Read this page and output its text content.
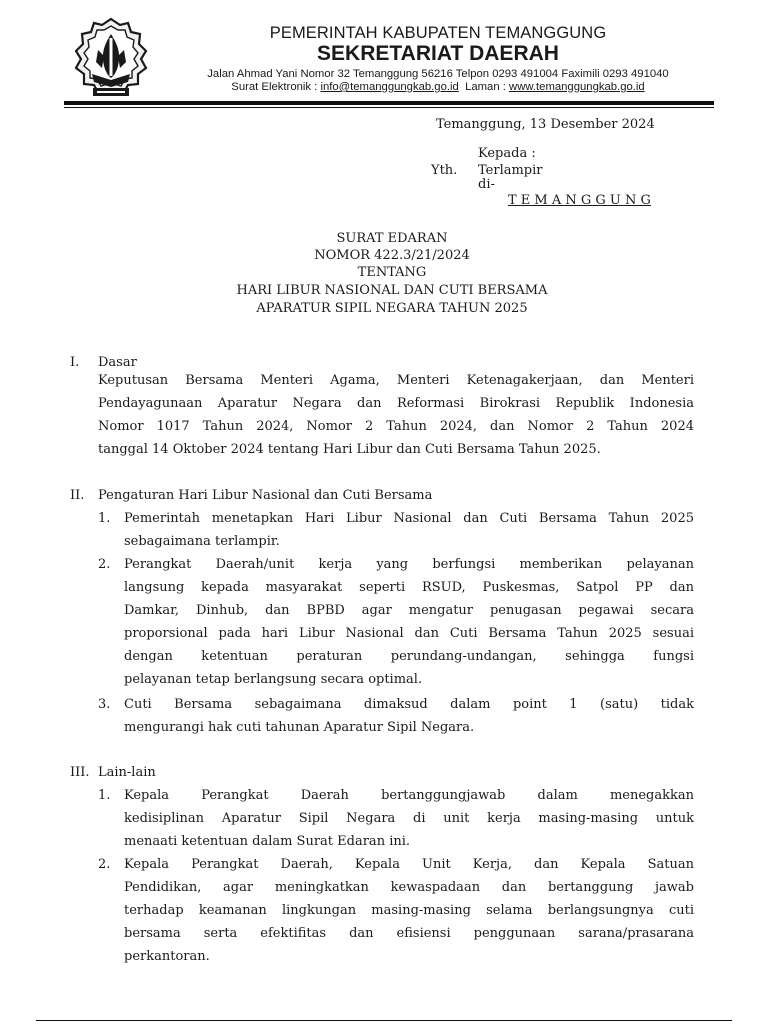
PEMERINTAH KABUPATEN TEMANGGUNG
SEKRETARIAT DAERAH
Jalan Ahmad Yani Nomor 32 Temanggung 56216 Telpon 0293 491004 Faximili 0293 491040
Surat Elektronik : info@temanggungkab.go.id  Laman : www.temanggungkab.go.id
Temanggung, 13 Desember 2024
Kepada :
Yth. Terlampir
di-
T E M A N G G U N G
SURAT EDARAN
NOMOR 422.3/21/2024
TENTANG
HARI LIBUR NASIONAL DAN CUTI BERSAMA
APARATUR SIPIL NEGARA TAHUN 2025
I. Dasar
Keputusan Bersama Menteri Agama, Menteri Ketenagakerjaan, dan Menteri
Pendayagunaan Aparatur Negara dan Reformasi Birokrasi Republik Indonesia
Nomor 1017 Tahun 2024, Nomor 2 Tahun 2024, dan Nomor 2 Tahun 2024
tanggal 14 Oktober 2024 tentang Hari Libur dan Cuti Bersama Tahun 2025.
II. Pengaturan Hari Libur Nasional dan Cuti Bersama
1. Pemerintah menetapkan Hari Libur Nasional dan Cuti Bersama Tahun 2025
sebagaimana terlampir.
2. Perangkat Daerah/unit kerja yang berfungsi memberikan pelayanan
langsung kepada masyarakat seperti RSUD, Puskesmas, Satpol PP dan
Damkar, Dinhub, dan BPBD agar mengatur penugasan pegawai secara
proporsional pada hari Libur Nasional dan Cuti Bersama Tahun 2025 sesuai
dengan ketentuan peraturan perundang-undangan, sehingga fungsi
pelayanan tetap berlangsung secara optimal.
3. Cuti Bersama sebagaimana dimaksud dalam point 1 (satu) tidak
mengurangi hak cuti tahunan Aparatur Sipil Negara.
III. Lain-lain
1. Kepala Perangkat Daerah bertanggungjawab dalam menegakkan
kedisiplinan Aparatur Sipil Negara di unit kerja masing-masing untuk
menaati ketentuan dalam Surat Edaran ini.
2. Kepala Perangkat Daerah, Kepala Unit Kerja, dan Kepala Satuan
Pendidikan, agar meningkatkan kewaspadaan dan bertanggung jawab
terhadap keamanan lingkungan masing-masing selama berlangsungnya cuti
bersama serta efektifitas dan efisiensi penggunaan sarana/prasarana
perkantoran.
